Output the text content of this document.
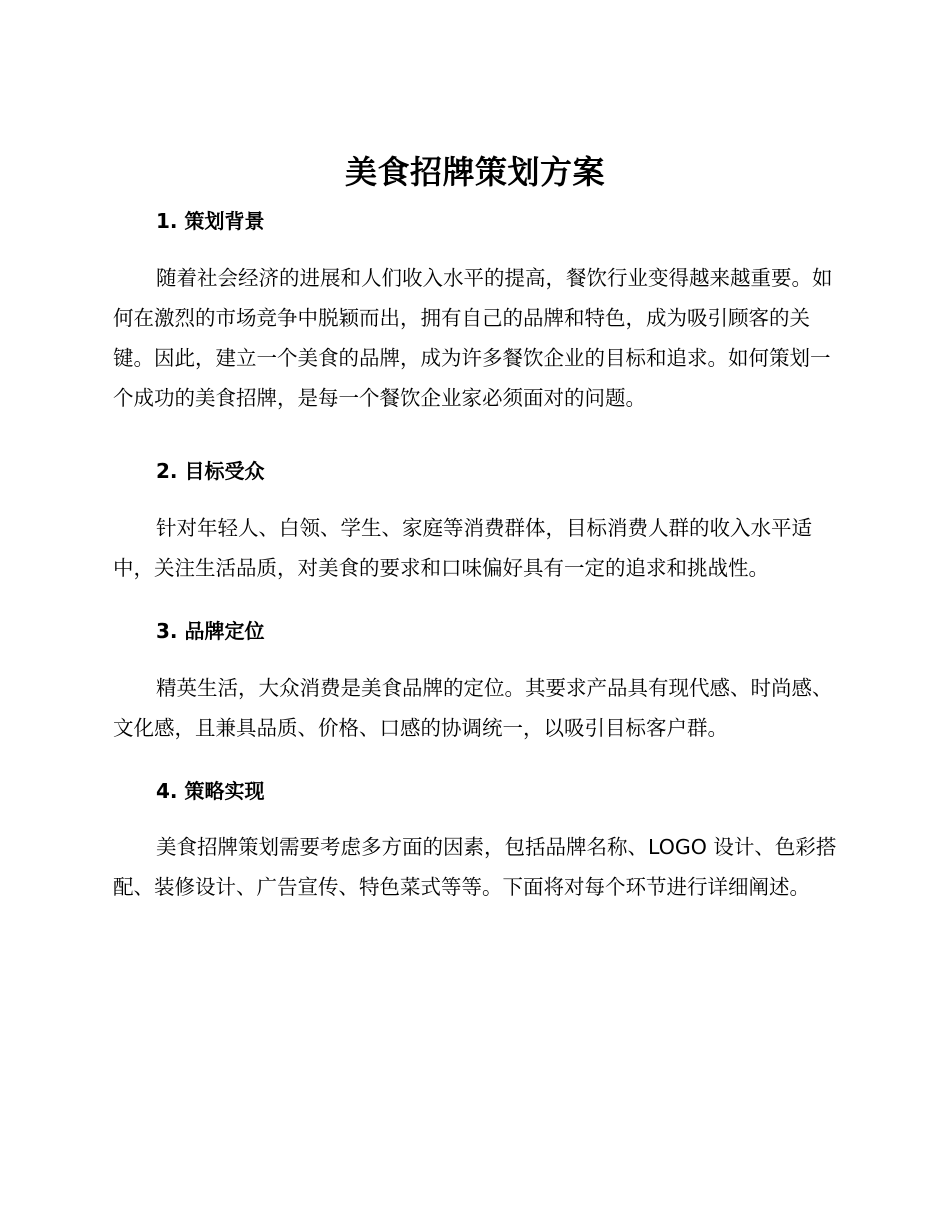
美食招牌策划方案
1. 策划背景

随着社会经济的进展和人们收入水平的提高，餐饮行业变得越来越重要。如何在激烈的市场竞争中脱颖而出，拥有自己的品牌和特色，成为吸引顾客的关键。因此，建立一个美食的品牌，成为许多餐饮企业的目标和追求。如何策划一个成功的美食招牌，是每一个餐饮企业家必须面对的问题。

2. 目标受众

针对年轻人、白领、学生、家庭等消费群体，目标消费人群的收入水平适中，关注生活品质，对美食的要求和口味偏好具有一定的追求和挑战性。

3. 品牌定位

精英生活，大众消费是美食品牌的定位。其要求产品具有现代感、时尚感、文化感，且兼具品质、价格、口感的协调统一，以吸引目标客户群。

4. 策略实现

美食招牌策划需要考虑多方面的因素，包括品牌名称、LOGO 设计、色彩搭配、装修设计、广告宣传、特色菜式等等。下面将对每个环节进行详细阐述。
